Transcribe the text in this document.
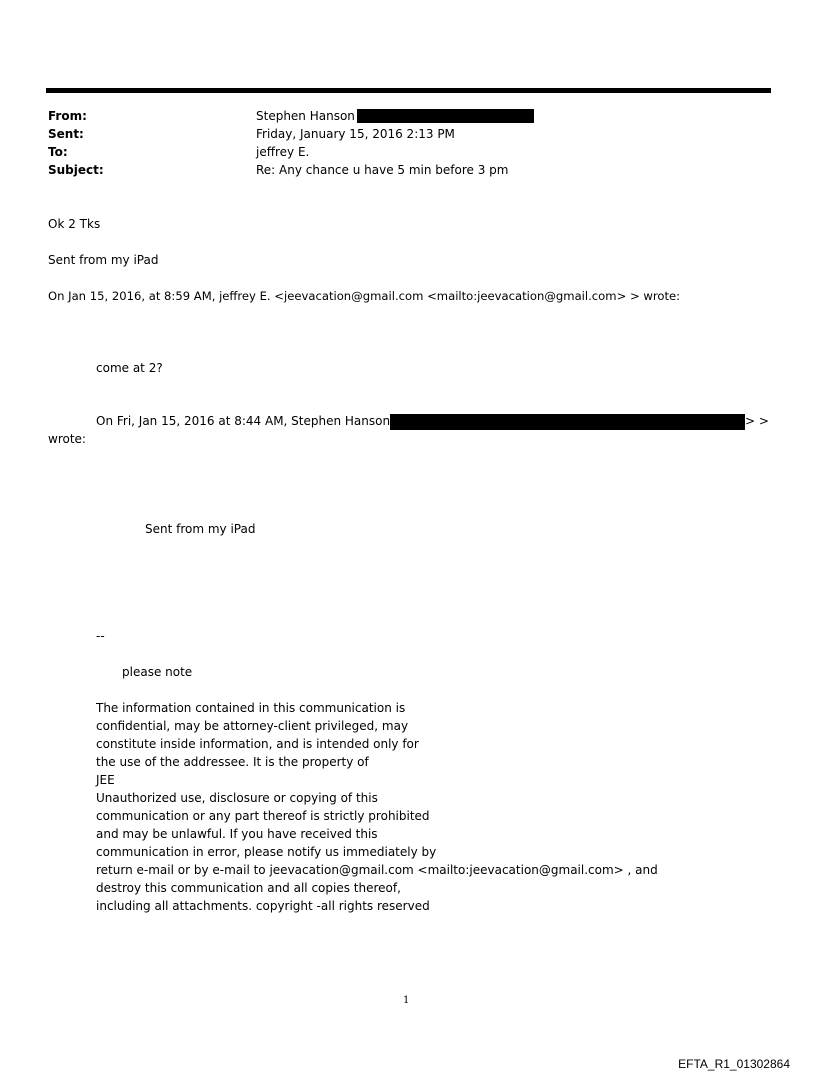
From:	Stephen Hanson
Sent:	Friday, January 15, 2016 2:13 PM
To:	jeffrey E.
Subject:	Re: Any chance u have 5 min before 3 pm
Ok 2 Tks
Sent from my iPad
On Jan 15, 2016, at 8:59 AM, jeffrey E. <jeevacation@gmail.com <mailto:jeevacation@gmail.com> > wrote:
come at 2?
On Fri, Jan 15, 2016 at 8:44 AM, Stephen Hanson	> >
wrote:
Sent from my iPad
--
please note
The information contained in this communication is
confidential, may be attorney-client privileged, may
constitute inside information, and is intended only for
the use of the addressee. It is the property of
JEE
Unauthorized use, disclosure or copying of this
communication or any part thereof is strictly prohibited
and may be unlawful. If you have received this
communication in error, please notify us immediately by
return e-mail or by e-mail to jeevacation@gmail.com <mailto:jeevacation@gmail.com> , and
destroy this communication and all copies thereof,
including all attachments. copyright -all rights reserved
1
EFTA_R1_01302864
